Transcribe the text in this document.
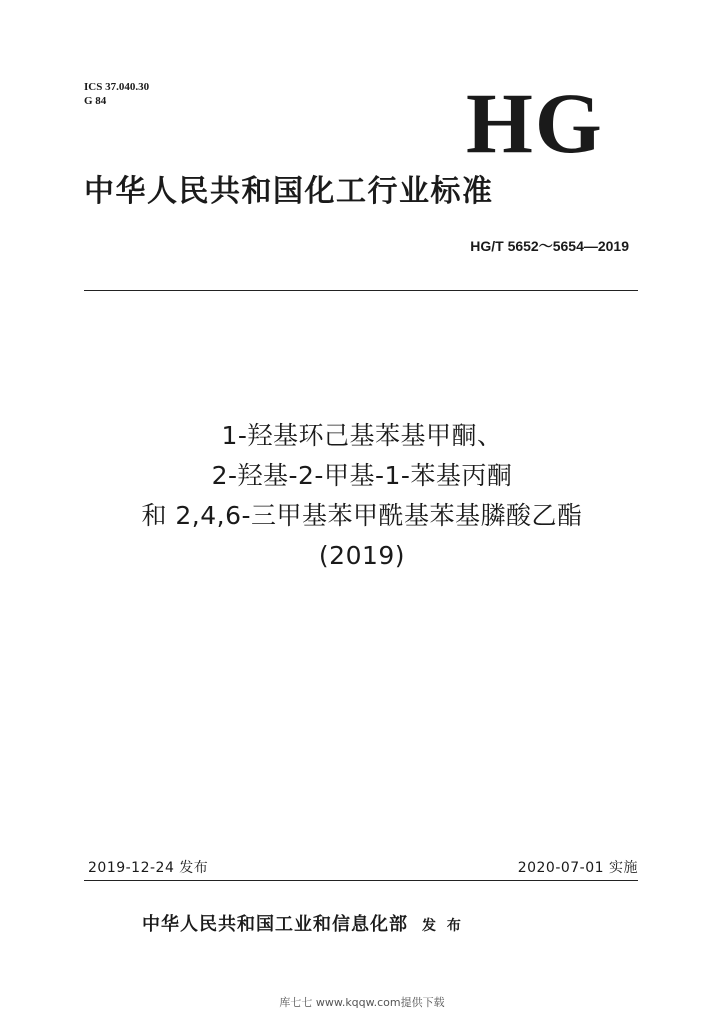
ICS 37.040.30
G 84	HG
中华人民共和国化工行业标准
HG/T 5652～5654—2019
1-羟基环己基苯基甲酮、
2-羟基-2-甲基-1-苯基丙酮
和 2,4,6-三甲基苯甲酰基苯基膦酸乙酯
(2019)
2019-12-24 发布	2020-07-01 实施
中华人民共和国工业和信息化部 发 布
库七七 www.kqqw.com提供下载
